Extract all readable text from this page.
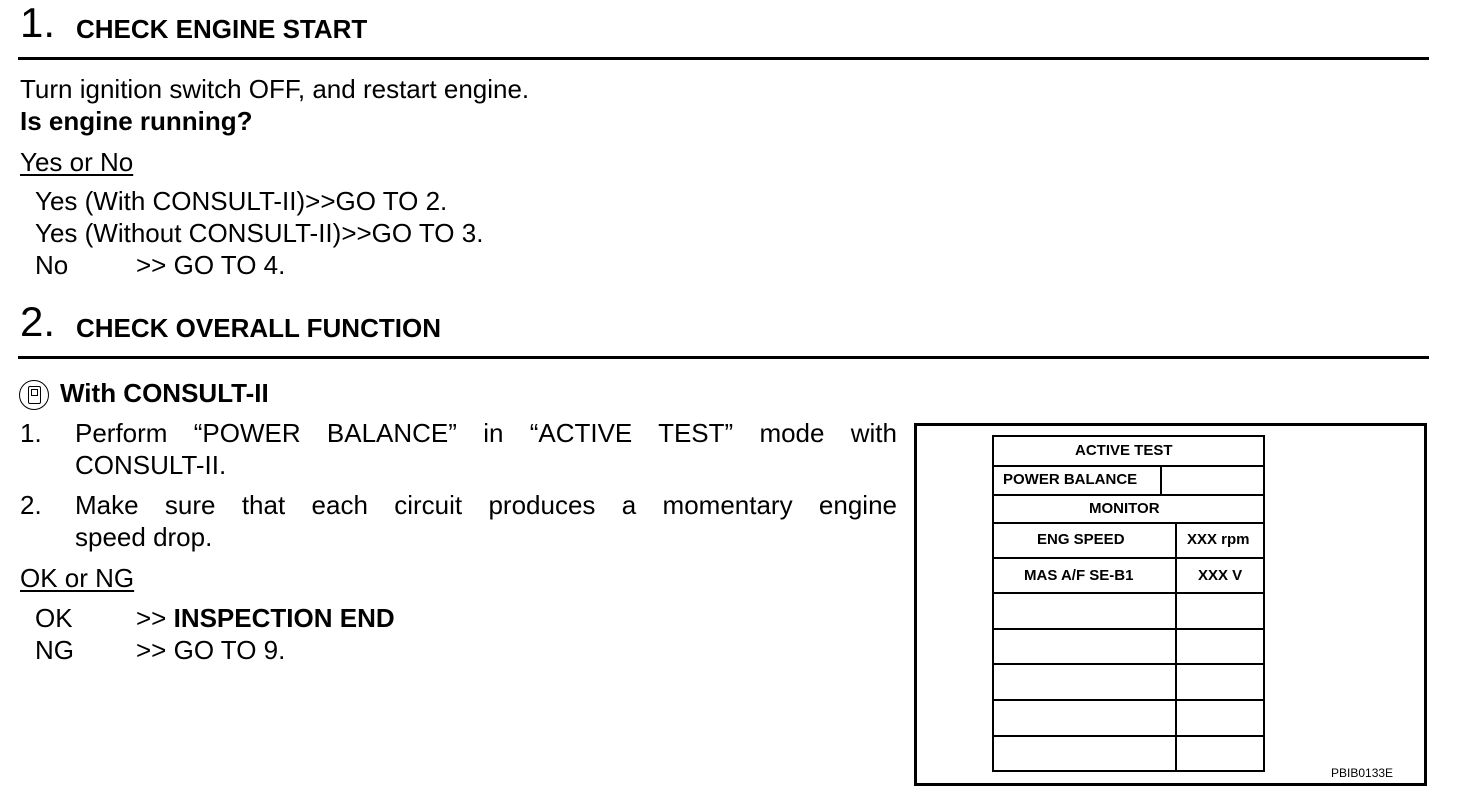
1. CHECK ENGINE START
Turn ignition switch OFF, and restart engine.
Is engine running?
Yes or No
Yes (With CONSULT-II)>>GO TO 2.
Yes (Without CONSULT-II)>>GO TO 3.
No	>> GO TO 4.
2. CHECK OVERALL FUNCTION
With CONSULT-II
1. Perform “POWER BALANCE” in “ACTIVE TEST” mode with
CONSULT-II.
2. Make sure that each circuit produces a momentary engine
speed drop.
OK or NG
OK >> INSPECTION END
NG >> GO TO 9.
ACTIVE TEST
POWER BALANCE
MONITOR
ENG SPEED	XXX rpm
MAS A/F SE-B1	XXX V
PBIB0133E
